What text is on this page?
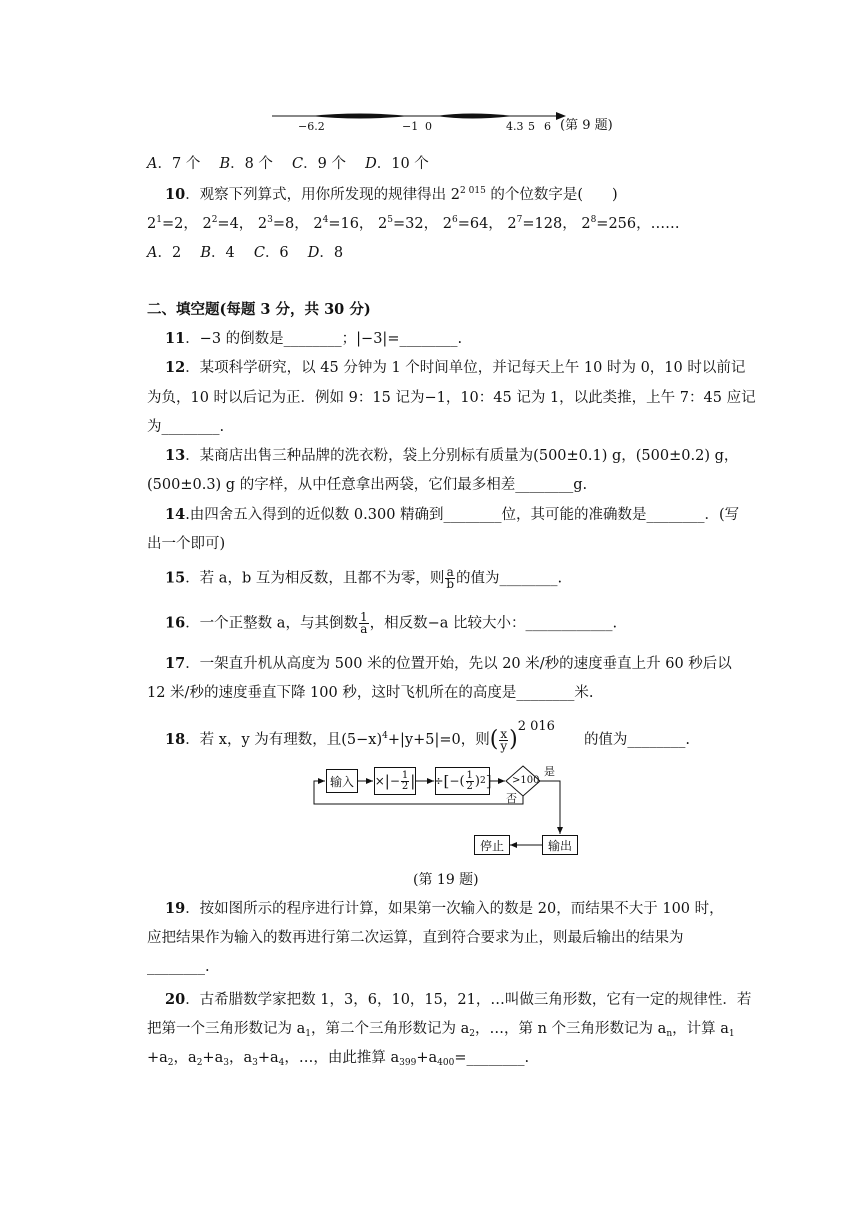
−6.2	−1 0	4.3 5 6 (第 9 题)
A．7 个　 B．8 个　 C．9 个　 D．10 个
10．观察下列算式，用你所发现的规律得出 $2^{2 015}$ 的个位数字是(　　)
$2^1=2$， $2^2=4$， $2^3=8$， $2^4=16$， $2^5=32$， $2^6=64$， $2^7=128$， $2^8=256$，……
A．2　 B．4　 C．6　 D．8
二、填空题(每题 3 分，共 30 分)
11．−3 的倒数是________；|−3|=________.
12．某项科学研究，以 45 分钟为 1 个时间单位，并记每天上午 10 时为 0，10 时以前记
为负，10 时以后记为正．例如 9：15 记为−1，10：45 记为 1，以此类推，上午 7：45 应记
为________.
13．某商店出售三种品牌的洗衣粉，袋上分别标有质量为(500±0.1) g，(500±0.2) g，
(500±0.3) g 的字样，从中任意拿出两袋，它们最多相差________g.
14.由四舍五入得到的近似数 0.300 精确到________位，其可能的准确数是________．(写
出一个即可)
15．若 a，b 互为相反数，且都不为零，则 $\frac{a}{b}$ 的值为________.
16．一个正整数 a，与其倒数 $\frac{1}{a}$ ，相反数−a 比较大小：____________.
17．一架直升机从高度为 500 米的位置开始，先以 20 米/秒的速度垂直上升 60 秒后以
12 米/秒的速度垂直下降 100 秒，这时飞机所在的高度是________米.
18．若 x，y 为有理数，且$(5-x)^4+|y+5|=0$，则( $\frac{x}{y} )^{2 016}$　　的值为________.
输入	× | − $\frac{1}{2}$ | ÷ [ − ( $\frac{1}{2}$ ) 2 ] >100
是
否
输出
停止
(第 19 题)
19．按如图所示的程序进行计算，如果第一次输入的数是 20，而结果不大于 100 时，
应把结果作为输入的数再进行第二次运算，直到符合要求为止，则最后输出的结果为
________.
20．古希腊数学家把数 1，3，6，10，15，21，…叫做三角形数，它有一定的规律性．若
把第一个三角形数记为 $a_1$，第二个三角形数记为 $a_2$，…，第 n 个三角形数记为 $a_n$，计算 $a_1$
$+a_2$，$a_2+a_3$，$a_3+a_4$，…，由此推算 $a_{399}+a_{400}=\_\_\_\_\_\_\_\_$.
